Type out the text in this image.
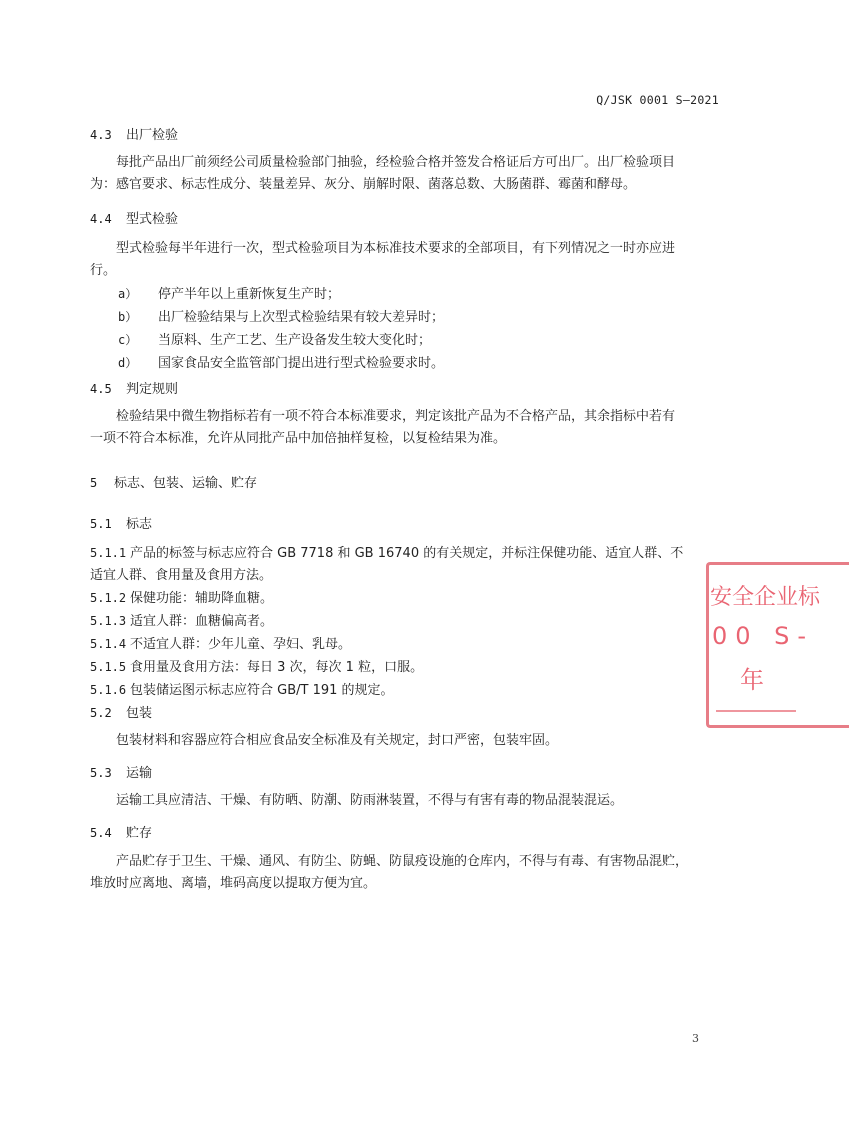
Q/JSK 0001 S—2021
4.3 出厂检验
每批产品出厂前须经公司质量检验部门抽验，经检验合格并签发合格证后方可出厂。出厂检验项目
为：感官要求、标志性成分、装量差异、灰分、崩解时限、菌落总数、大肠菌群、霉菌和酵母。
4.4 型式检验
型式检验每半年进行一次，型式检验项目为本标准技术要求的全部项目，有下列情况之一时亦应进
行。
a） 停产半年以上重新恢复生产时；
b） 出厂检验结果与上次型式检验结果有较大差异时；
c） 当原料、生产工艺、生产设备发生较大变化时；
d） 国家食品安全监管部门提出进行型式检验要求时。
4.5 判定规则
检验结果中微生物指标若有一项不符合本标准要求，判定该批产品为不合格产品，其余指标中若有
一项不符合本标准，允许从同批产品中加倍抽样复检，以复检结果为准。
5 标志、包装、运输、贮存
5.1 标志
5.1.1 产品的标签与标志应符合 GB 7718 和 GB 16740 的有关规定，并标注保健功能、适宜人群、不
适宜人群、食用量及食用方法。
5.1.2 保健功能：辅助降血糖。
5.1.3 适宜人群：血糖偏高者。
5.1.4 不适宜人群：少年儿童、孕妇、乳母。
5.1.5 食用量及食用方法：每日 3 次，每次 1 粒，口服。
5.1.6 包装储运图示标志应符合 GB/T 191 的规定。
5.2 包装
包装材料和容器应符合相应食品安全标准及有关规定，封口严密，包装牢固。
5.3 运输
运输工具应清洁、干燥、有防晒、防潮、防雨淋装置，不得与有害有毒的物品混装混运。
5.4 贮存
产品贮存于卫生、干燥、通风、有防尘、防蝇、防鼠疫设施的仓库内，不得与有毒、有害物品混贮，
堆放时应离地、离墙，堆码高度以提取方便为宜。
安全企业标
00 S-
年
3
